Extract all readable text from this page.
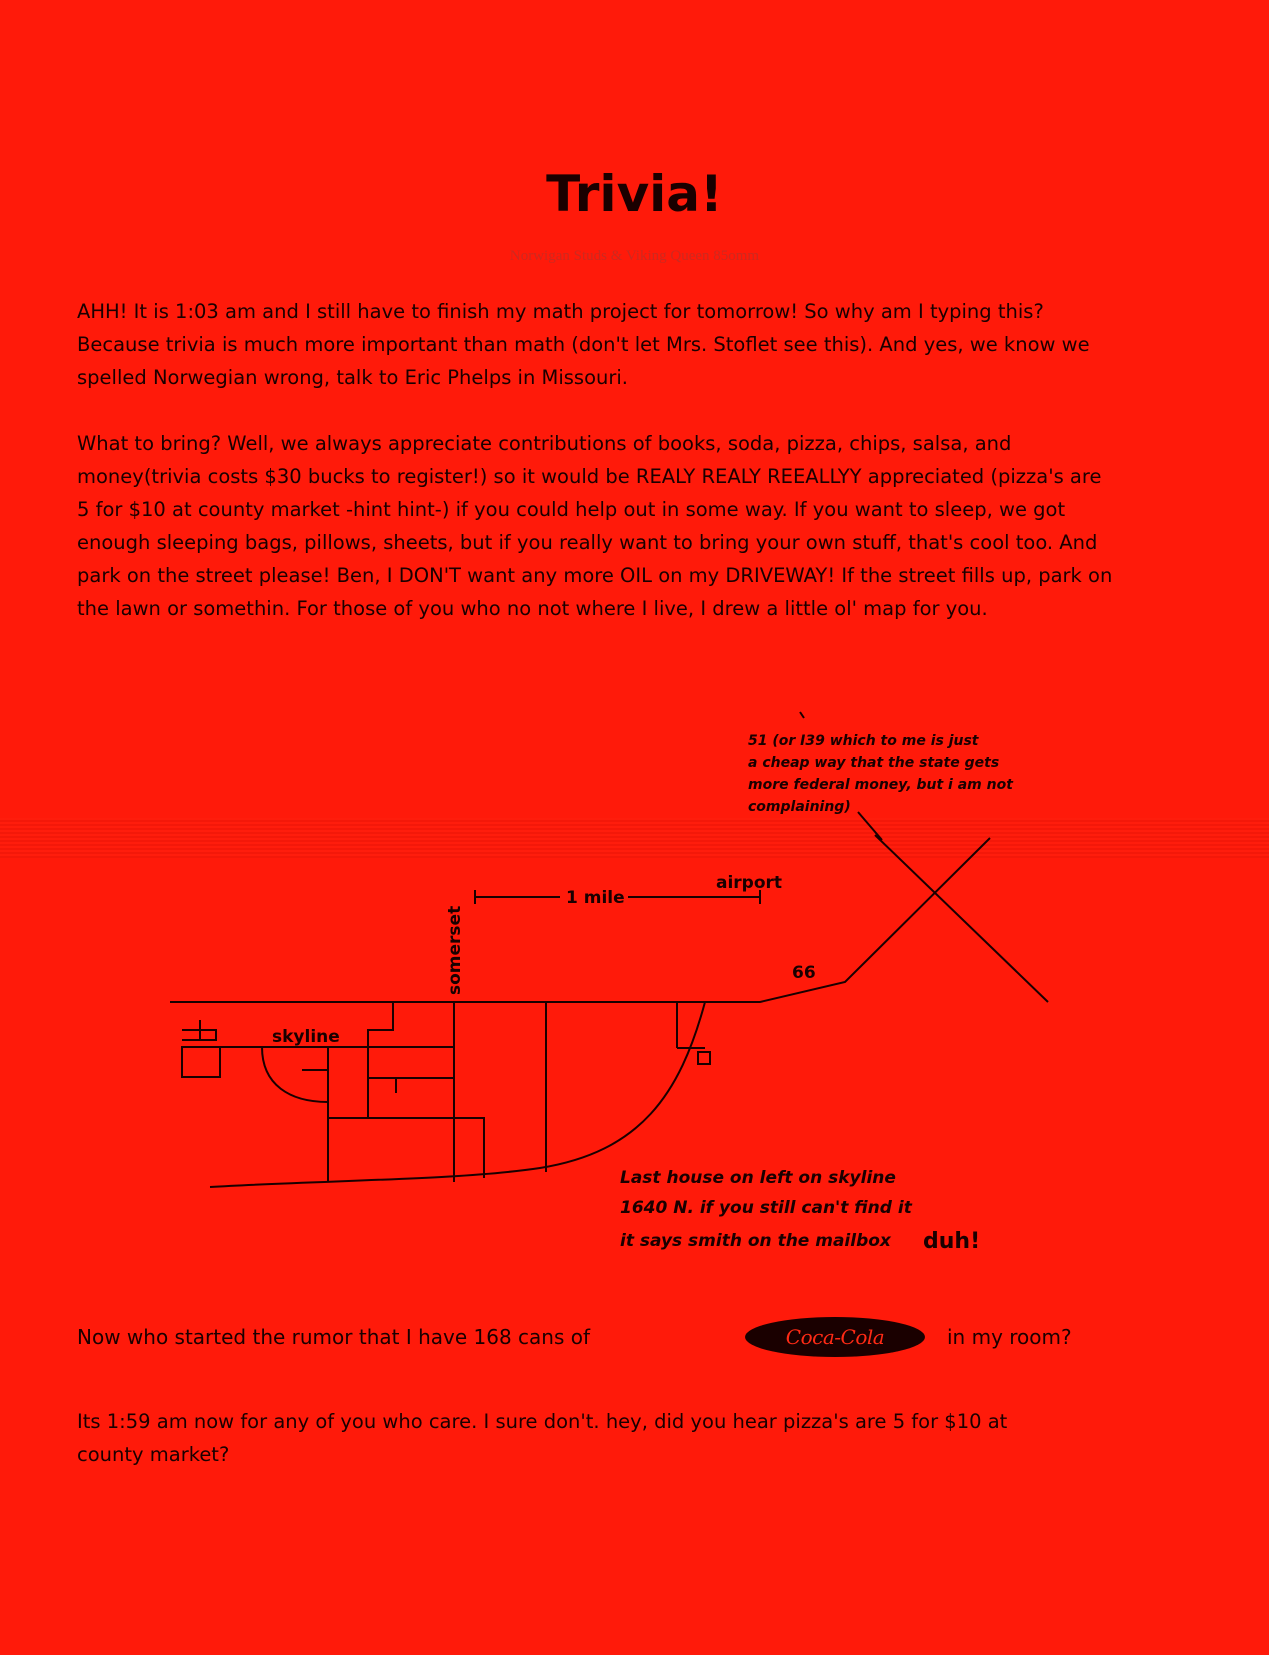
Trivia!
Norwigan Studs & Viking Queen 85omm
AHH! It is 1:03 am and I still have to finish my math project for tomorrow! So why am I typing this? Because trivia is much more important than math (don't let Mrs. Stoflet see this). And yes, we know we spelled Norwegian wrong, talk to Eric Phelps in Missouri.
What to bring? Well, we always appreciate contributions of books, soda, pizza, chips, salsa, and money(trivia costs $30 bucks to register!) so it would be REALY REALY REEALLYY appreciated (pizza's are 5 for $10 at county market -hint hint-) if you could help out in some way. If you want to sleep, we got enough sleeping bags, pillows, sheets, but if you really want to bring your own stuff, that's cool too. And park on the street please! Ben, I DON'T want any more OIL on my DRIVEWAY! If the street fills up, park on the lawn or somethin. For those of you who no not where I live, I drew a little ol' map for you.
51 (or I39 which to me is just
a cheap way that the state gets
more federal money, but i am not
complaining)
airport
1 mile
somerset	66
skyline
Last house on left on skyline
1640 N. if you still can't find it
it says smith on the mailbox duh!
Now who started the rumor that I have 168 cans of	Coca-Cola	in my room?
Its 1:59 am now for any of you who care. I sure don't. hey, did you hear pizza's are 5 for $10 at county market?
